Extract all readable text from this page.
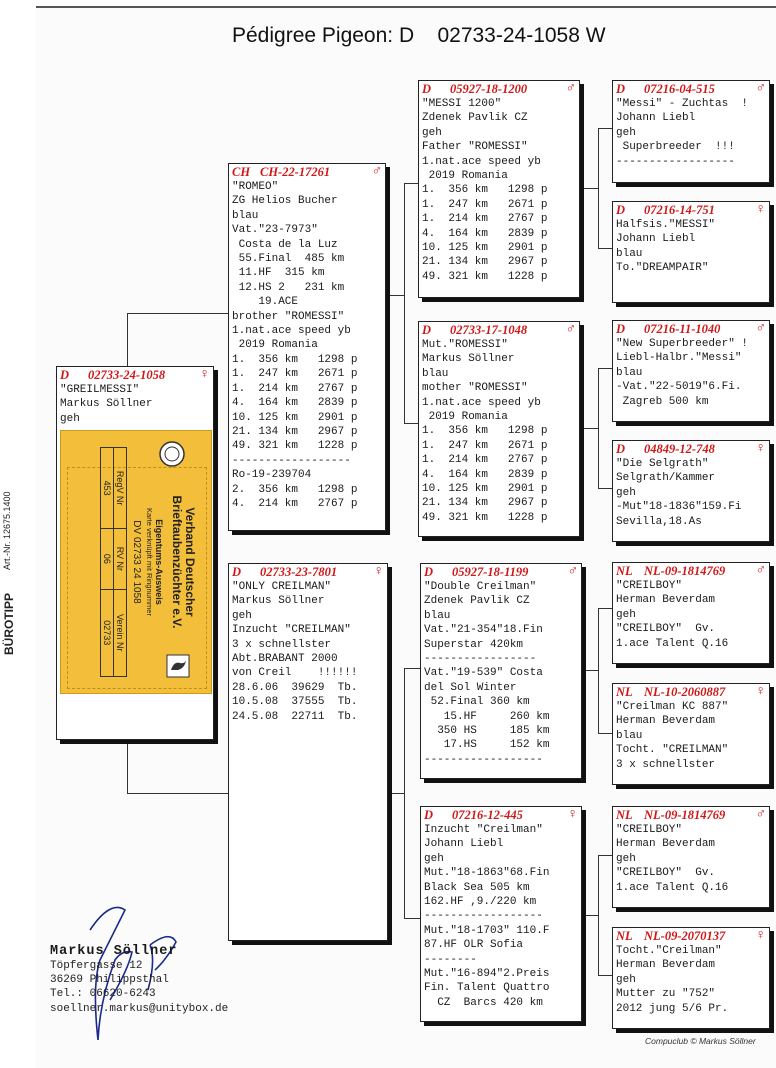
Art.-Nr. 12675.1400
BÜROTIPP
Pédigree Pigeon: D    02733-24-1058 W
D	02733-24-1058	♀
"GREILMESSI"
Markus Söllner
geh
CH CH-22-17261	♂
"ROMEO"
ZG Helios Bucher
blau
Vat."23-7973"
Costa de la Luz
55.Final  485 km
11.HF  315 km
12.HS 2   231 km
19.ACE
brother "ROMESSI"
1.nat.ace speed yb
2019 Romania
1.  356 km   1298 p
1.  247 km   2671 p
1.  214 km   2767 p
4.  164 km   2839 p
10. 125 km   2901 p
21. 134 km   2967 p
49. 321 km   1228 p
------------------
Ro-19-239704
2.  356 km   1298 p
4.  214 km   2767 p
D	02733-23-7801	♀
"ONLY CREILMAN"
Markus Söllner
geh
Inzucht "CREILMAN"
3 x schnellster
Abt.BRABANT 2000
von Creil    !!!!!!
28.6.06  39629  Tb.
10.5.08  37555  Tb.
24.5.08  22711  Tb.
D	05927-18-1200	♂
"MESSI 1200"
Zdenek Pavlik CZ
geh
Father "ROMESSI"
1.nat.ace speed yb
2019 Romania
1.  356 km   1298 p
1.  247 km   2671 p
1.  214 km   2767 p
4.  164 km   2839 p
10. 125 km   2901 p
21. 134 km   2967 p
49. 321 km   1228 p
D	02733-17-1048	♂
Mut."ROMESSI"
Markus Söllner
blau
mother "ROMESSI"
1.nat.ace speed yb
2019 Romania
1.  356 km   1298 p
1.  247 km   2671 p
1.  214 km   2767 p
4.  164 km   2839 p
10. 125 km   2901 p
21. 134 km   2967 p
49. 321 km   1228 p
D	05927-18-1199	♂
"Double Creilman"
Zdenek Pavlik CZ
blau
Vat."21-354"18.Fin
Superstar 420km
-----------------
Vat."19-539" Costa
del Sol Winter
52.Final 360 km
15.HF     260 km
350 HS     185 km
17.HS     152 km
------------------
D	07216-12-445	♀
Inzucht "Creilman"
Johann Liebl
geh
Mut."18-1863"68.Fin
Black Sea 505 km
162.HF ,9./220 km
------------------
Mut."18-1703" 110.F
87.HF OLR Sofia
--------
Mut."16-894"2.Preis
Fin. Talent Quattro
CZ  Barcs 420 km
D	07216-04-515	♂
"Messi" - Zuchtas  !
Johann Liebl
geh
Superbreeder  !!!
------------------
D	07216-14-751	♀
Halfsis."MESSI"
Johann Liebl
blau
To."DREAMPAIR"
D	07216-11-1040	♂
"New Superbreeder" !
Liebl-Halbr."Messi"
blau
-Vat."22-5019"6.Fi.
Zagreb 500 km
D	04849-12-748	♀
"Die Selgrath"
Selgrath/Kammer
geh
-Mut"18-1836"159.Fi
Sevilla,18.As
NL NL-09-1814769	♂
"CREILBOY"
Herman Beverdam
geh
"CREILBOY"  Gv.
1.ace Talent Q.16
NL NL-10-2060887	♀
"Creilman KC 887"
Herman Beverdam
blau
Tocht. "CREILMAN"
3 x schnellster
NL NL-09-1814769	♂
"CREILBOY"
Herman Beverdam
geh
"CREILBOY"  Gv.
1.ace Talent Q.16
NL NL-09-2070137	♀
Tocht."Creilman"
Herman Beverdam
geh
Mutter zu "752"
2012 jung 5/6 Pr.
Verband Deutscher
Brieftaubenzüchter e.V.
Eigentums-Ausweis
Karte verknüpft mit Ringnummer
DV 02733 24 1058
RegV Nr	RV Nr	Verein Nr
453	06	02733
Markus Söllner
Töpfergasse 12
36269 Philippsthal
Tel.: 06620-6243
soellner.markus@unitybox.de
Compuclub © Markus Söllner
